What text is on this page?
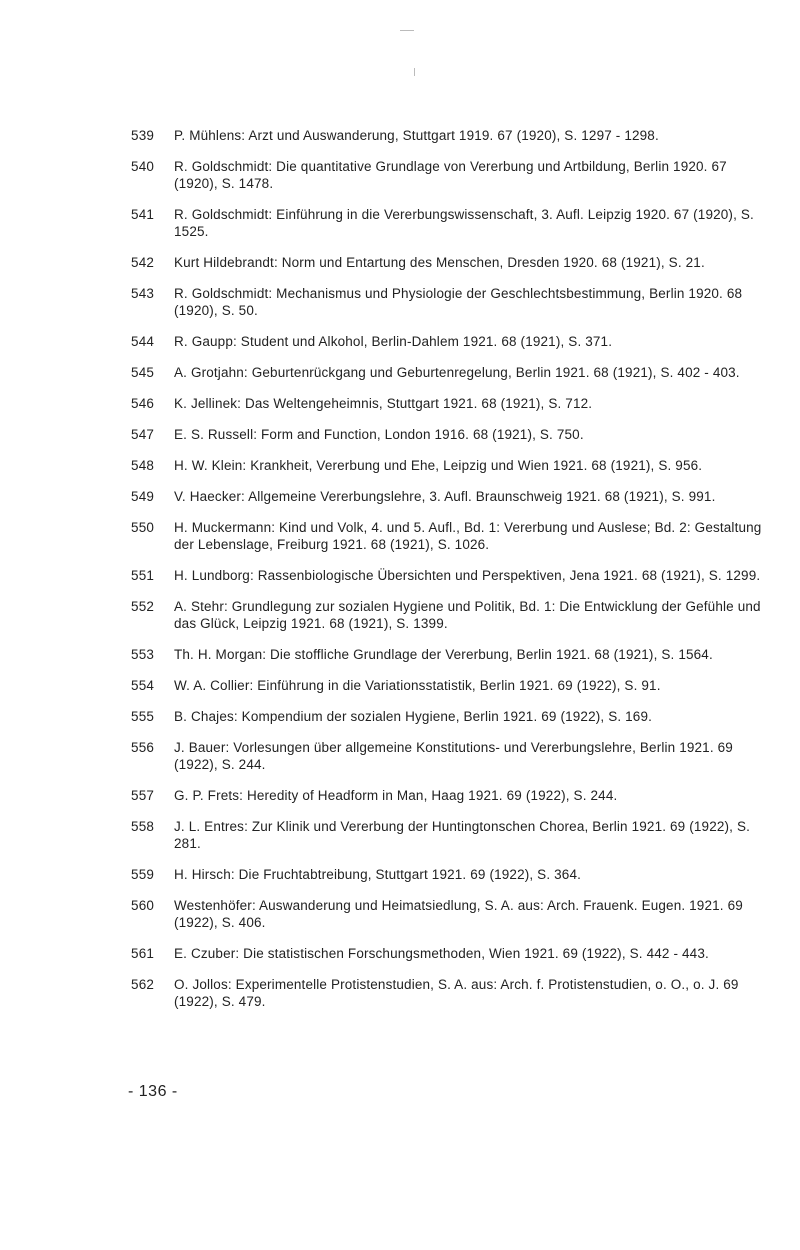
539	P. Mühlens: Arzt und Auswanderung, Stuttgart 1919. 67 (1920), S. 1297 - 1298.
540	R. Goldschmidt: Die quantitative Grundlage von Vererbung und Artbildung, Berlin 1920. 67 (1920), S. 1478.
541	R. Goldschmidt: Einführung in die Vererbungswissenschaft, 3. Aufl. Leipzig 1920. 67 (1920), S. 1525.
542	Kurt Hildebrandt: Norm und Entartung des Menschen, Dresden 1920. 68 (1921), S. 21.
543	R. Goldschmidt: Mechanismus und Physiologie der Geschlechtsbestimmung, Berlin 1920. 68 (1920), S. 50.
544	R. Gaupp: Student und Alkohol, Berlin-Dahlem 1921. 68 (1921), S. 371.
545	A. Grotjahn: Geburtenrückgang und Geburtenregelung, Berlin 1921. 68 (1921), S. 402 - 403.
546	K. Jellinek: Das Weltengeheimnis, Stuttgart 1921. 68 (1921), S. 712.
547	E. S. Russell: Form and Function, London 1916. 68 (1921), S. 750.
548	H. W. Klein: Krankheit, Vererbung und Ehe, Leipzig und Wien 1921. 68 (1921), S. 956.
549	V. Haecker: Allgemeine Vererbungslehre, 3. Aufl. Braunschweig 1921. 68 (1921), S. 991.
550	H. Muckermann: Kind und Volk, 4. und 5. Aufl., Bd. 1: Vererbung und Auslese; Bd. 2: Gestaltung der Lebenslage, Freiburg 1921. 68 (1921), S. 1026.
551	H. Lundborg: Rassenbiologische Übersichten und Perspektiven, Jena 1921. 68 (1921), S. 1299.
552	A. Stehr: Grundlegung zur sozialen Hygiene und Politik, Bd. 1: Die Entwicklung der Gefühle und das Glück, Leipzig 1921. 68 (1921), S. 1399.
553	Th. H. Morgan: Die stoffliche Grundlage der Vererbung, Berlin 1921. 68 (1921), S. 1564.
554	W. A. Collier: Einführung in die Variationsstatistik, Berlin 1921. 69 (1922), S. 91.
555	B. Chajes: Kompendium der sozialen Hygiene, Berlin 1921. 69 (1922), S. 169.
556	J. Bauer: Vorlesungen über allgemeine Konstitutions- und Vererbungslehre, Berlin 1921. 69 (1922), S. 244.
557	G. P. Frets: Heredity of Headform in Man, Haag 1921. 69 (1922), S. 244.
558	J. L. Entres: Zur Klinik und Vererbung der Huntingtonschen Chorea, Berlin 1921. 69 (1922), S. 281.
559	H. Hirsch: Die Fruchtabtreibung, Stuttgart 1921. 69 (1922), S. 364.
560	Westenhöfer: Auswanderung und Heimatsiedlung, S. A. aus: Arch. Frauenk. Eugen. 1921. 69 (1922), S. 406.
561	E. Czuber: Die statistischen Forschungsmethoden, Wien 1921. 69 (1922), S. 442 - 443.
562	O. Jollos: Experimentelle Protistenstudien, S. A. aus: Arch. f. Protistenstudien, o. O., o. J. 69 (1922), S. 479.
- 136 -
